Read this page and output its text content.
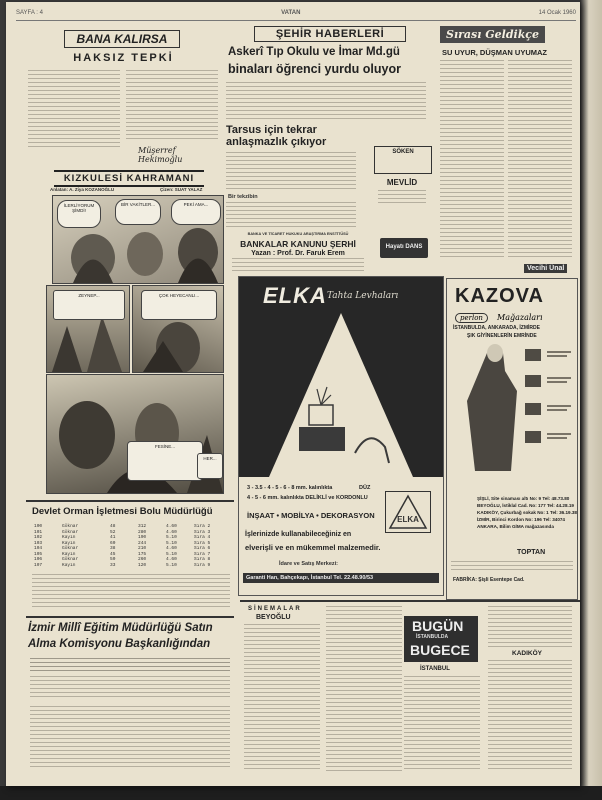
SAYFA : 4	VATAN	14 Ocak 1960
BANA KALIRSA
HAKSIZ TEPKİ
Müşerref Hekimoğlu
KIZKULESİ KAHRAMANI
Anlatan: A. Ziya KOZANOĞLU	Çizen: SUAT YALAZ
İLERLİYORUM ŞİMDİ!
BİR VAKİTLER...	PEKİ AMA...
ZEYNEP...	ÇOK HEYECANLI...
FESİNE...
HER...
Devlet Orman İşletmesi Bolu Müdürlüğü
100	Göknar	48	312	4.60	Sıra 2
101	Göknar	52	280	4.60	Sıra 3
102	Kayın	41	190	5.10	Sıra 4
103	Kayın	60	244	5.10	Sıra 5
104	Göknar	38	210	4.60	Sıra 6
105	Kayın	45	175	5.10	Sıra 7
106	Göknar	50	260	4.60	Sıra 8
107	Kayın	33	120	5.10	Sıra 9
İzmir Millî Eğitim Müdürlüğü Satın
Alma Komisyonu Başkanlığından
ŞEHİR HABERLERİ
Askerî Tıp Okulu ve İmar Md.gü
binaları öğrenci yurdu oluyor
Tarsus için tekrar anlaşmazlık çıkıyor
Bir tekzibin
SÖKEN
MEVLİD
Hayatı DANS
BANKA VE TİCARET HUKUKU ARAŞTIRMA ENSTİTÜSÜ
BANKALAR KANUNU ŞERHİ
Yazan : Prof. Dr. Faruk Erem
Sırası Geldikçe
SU UYUR, DÜŞMAN UYUMAZ
Vecihi Ünal
ELKA Tahta Levhaları
3 - 3.5 - 4 - 5 - 6 - 8 mm. kalınlıkta	DÜZ
4 - 5 - 6 mm. kalınlıkta DELİKLİ ve KORDONLU
İNŞAAT • MOBİLYA • DEKORASYON	ELKA
İşlerinizde kullanabileceğiniz en
elverişli ve en mükemmel malzemedir.
İdare ve Satış Merkezi:
Garanti Han, Bahçekapı, İstanbul Tel. 22.48.90/53
KAZOVA
perlon	Mağazaları
İSTANBULDA, ANKARADA, İZMİRDE
ŞIK GİYİNENLERİN EMRİNDE
ŞİŞLİ, Site sinaması altı No: 9 Tel: 48.73.80
BEYOĞLU, İstiklal Cad. No: 177 Tel: 44.28.19
KADIKÖY, Çukurbağ sokak No: 1 Tel: 36.19.38
İZMİR, Birinci Kordon No: 196 Tel: 34074
ANKARA, Bilim GİMA mağazasında
TOPTAN
FABRİKA: Şişli Esentepe Cad.
SİNEMALAR
BEYOĞLU
BUGÜN
İSTANBULDA
BUGECE
İSTANBUL
KADIKÖY
